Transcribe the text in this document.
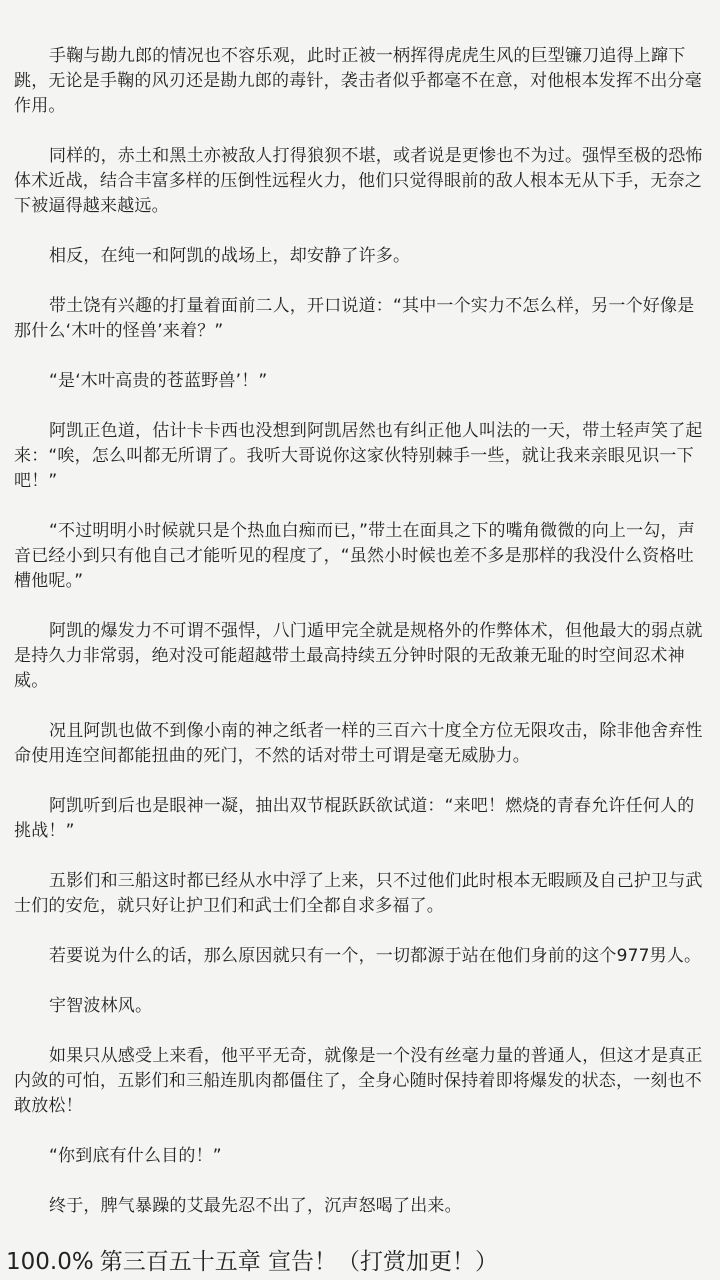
手鞠与勘九郎的情况也不容乐观，此时正被一柄挥得虎虎生风的巨型镰刀追得上蹿下跳，无论是手鞠的风刃还是勘九郎的毒针，袭击者似乎都毫不在意，对他根本发挥不出分毫作用。

同样的，赤土和黑土亦被敌人打得狼狈不堪，或者说是更惨也不为过。强悍至极的恐怖体术近战，结合丰富多样的压倒性远程火力，他们只觉得眼前的敌人根本无从下手，无奈之下被逼得越来越远。

相反，在纯一和阿凯的战场上，却安静了许多。

带土饶有兴趣的打量着面前二人，开口说道：“其中一个实力不怎么样，另一个好像是那什么‘木叶的怪兽’来着？”

“是‘木叶高贵的苍蓝野兽’！”

阿凯正色道，估计卡卡西也没想到阿凯居然也有纠正他人叫法的一天，带土轻声笑了起来：“唉，怎么叫都无所谓了。我听大哥说你这家伙特别棘手一些，就让我来亲眼见识一下吧！”

“不过明明小时候就只是个热血白痴而已，”带土在面具之下的嘴角微微的向上一勾，声音已经小到只有他自己才能听见的程度了，“虽然小时候也差不多是那样的我没什么资格吐槽他呢。”

阿凯的爆发力不可谓不强悍，八门遁甲完全就是规格外的作弊体术，但他最大的弱点就是持久力非常弱，绝对没可能超越带土最高持续五分钟时限的无敌兼无耻的时空间忍术神威。

况且阿凯也做不到像小南的神之纸者一样的三百六十度全方位无限攻击，除非他舍弃性命使用连空间都能扭曲的死门，不然的话对带土可谓是毫无威胁力。

阿凯听到后也是眼神一凝，抽出双节棍跃跃欲试道：“来吧！燃烧的青春允许任何人的挑战！”

五影们和三船这时都已经从水中浮了上来，只不过他们此时根本无暇顾及自己护卫与武士们的安危，就只好让护卫们和武士们全都自求多福了。

若要说为什么的话，那么原因就只有一个，一切都源于站在他们身前的这个977男人。

宇智波林风。

如果只从感受上来看，他平平无奇，就像是一个没有丝毫力量的普通人，但这才是真正内敛的可怕，五影们和三船连肌肉都僵住了，全身心随时保持着即将爆发的状态，一刻也不敢放松！

“你到底有什么目的！”

终于，脾气暴躁的艾最先忍不出了，沉声怒喝了出来。

100.0% 第三百五十五章 宣告！（打赏加更！）
